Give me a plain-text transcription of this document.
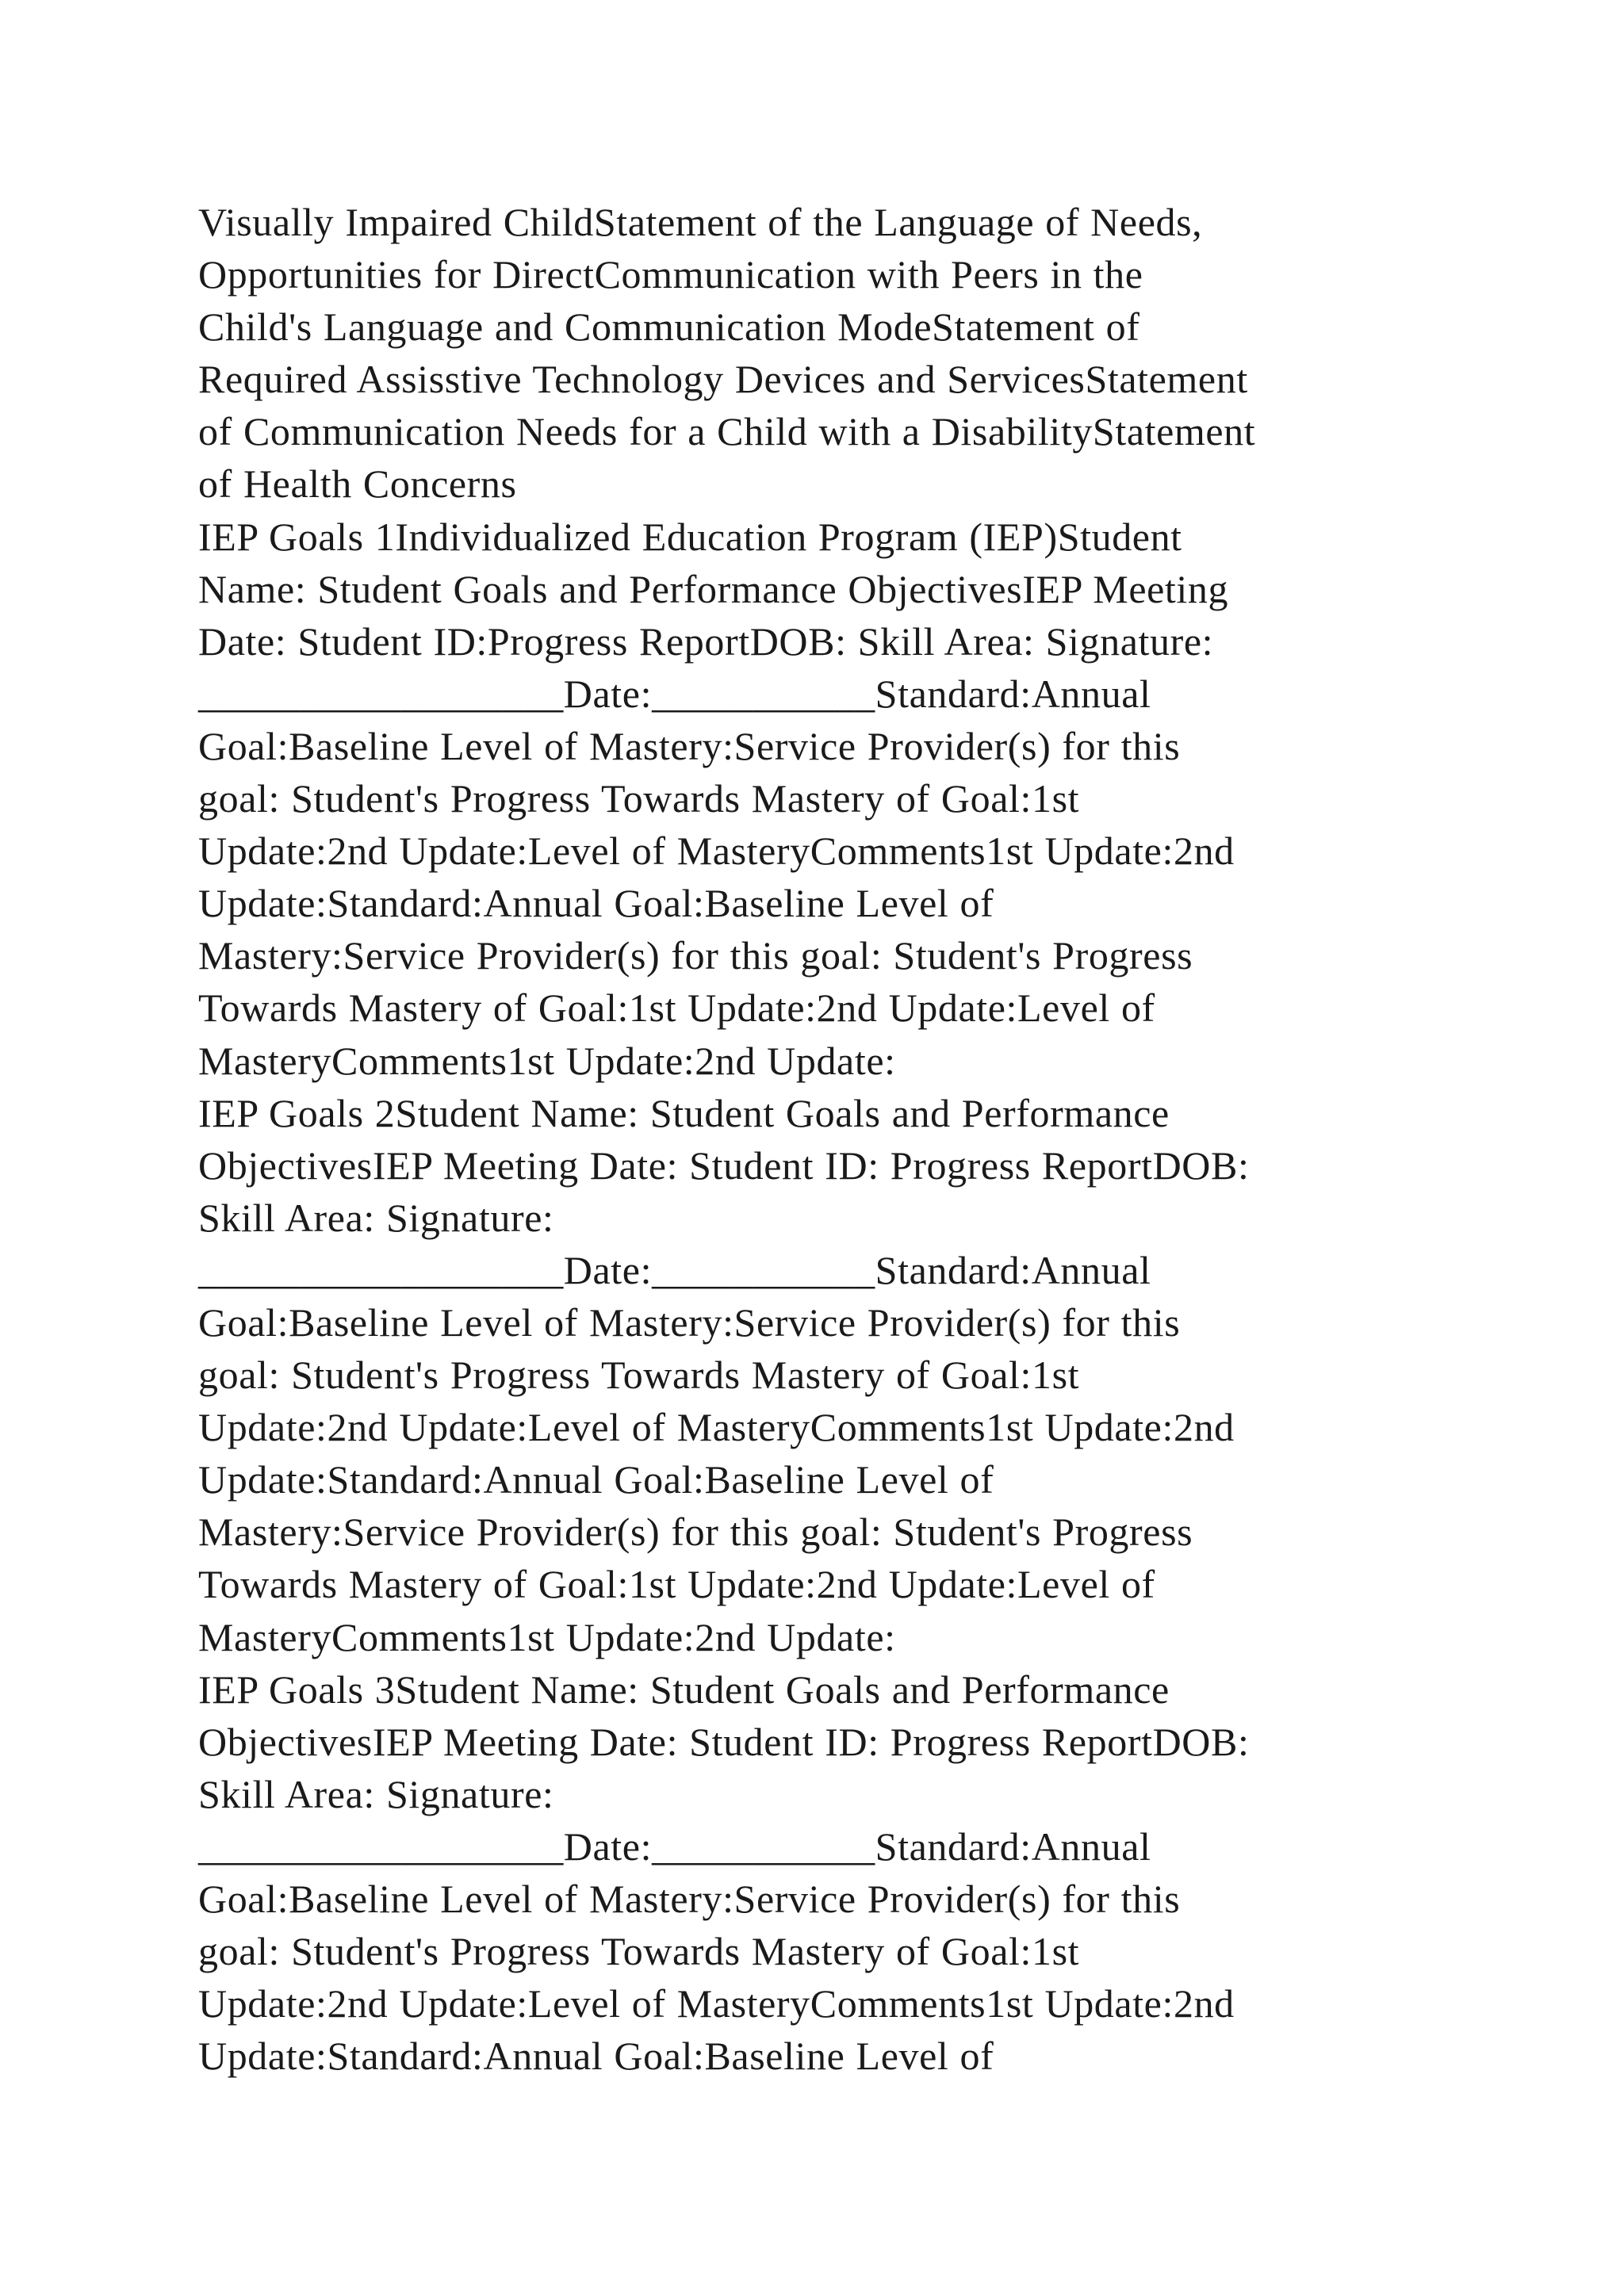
Visually Impaired ChildStatement of the Language of Needs,
Opportunities for DirectCommunication with Peers in the
Child's Language and Communication ModeStatement of
Required Assisstive Technology Devices and ServicesStatement
of Communication Needs for a Child with a DisabilityStatement
of Health Concerns
IEP Goals 1Individualized Education Program (IEP)Student
Name: Student Goals and Performance ObjectivesIEP Meeting
Date: Student ID:Progress ReportDOB: Skill Area: Signature:
__________________Date:___________Standard:Annual
Goal:Baseline Level of Mastery:Service Provider(s) for this
goal: Student's Progress Towards Mastery of Goal:1st
Update:2nd Update:Level of MasteryComments1st Update:2nd
Update:Standard:Annual Goal:Baseline Level of
Mastery:Service Provider(s) for this goal: Student's Progress
Towards Mastery of Goal:1st Update:2nd Update:Level of
MasteryComments1st Update:2nd Update:
IEP Goals 2Student Name: Student Goals and Performance
ObjectivesIEP Meeting Date: Student ID: Progress ReportDOB:
Skill Area: Signature:
__________________Date:___________Standard:Annual
Goal:Baseline Level of Mastery:Service Provider(s) for this
goal: Student's Progress Towards Mastery of Goal:1st
Update:2nd Update:Level of MasteryComments1st Update:2nd
Update:Standard:Annual Goal:Baseline Level of
Mastery:Service Provider(s) for this goal: Student's Progress
Towards Mastery of Goal:1st Update:2nd Update:Level of
MasteryComments1st Update:2nd Update:
IEP Goals 3Student Name: Student Goals and Performance
ObjectivesIEP Meeting Date: Student ID: Progress ReportDOB:
Skill Area: Signature:
__________________Date:___________Standard:Annual
Goal:Baseline Level of Mastery:Service Provider(s) for this
goal: Student's Progress Towards Mastery of Goal:1st
Update:2nd Update:Level of MasteryComments1st Update:2nd
Update:Standard:Annual Goal:Baseline Level of
